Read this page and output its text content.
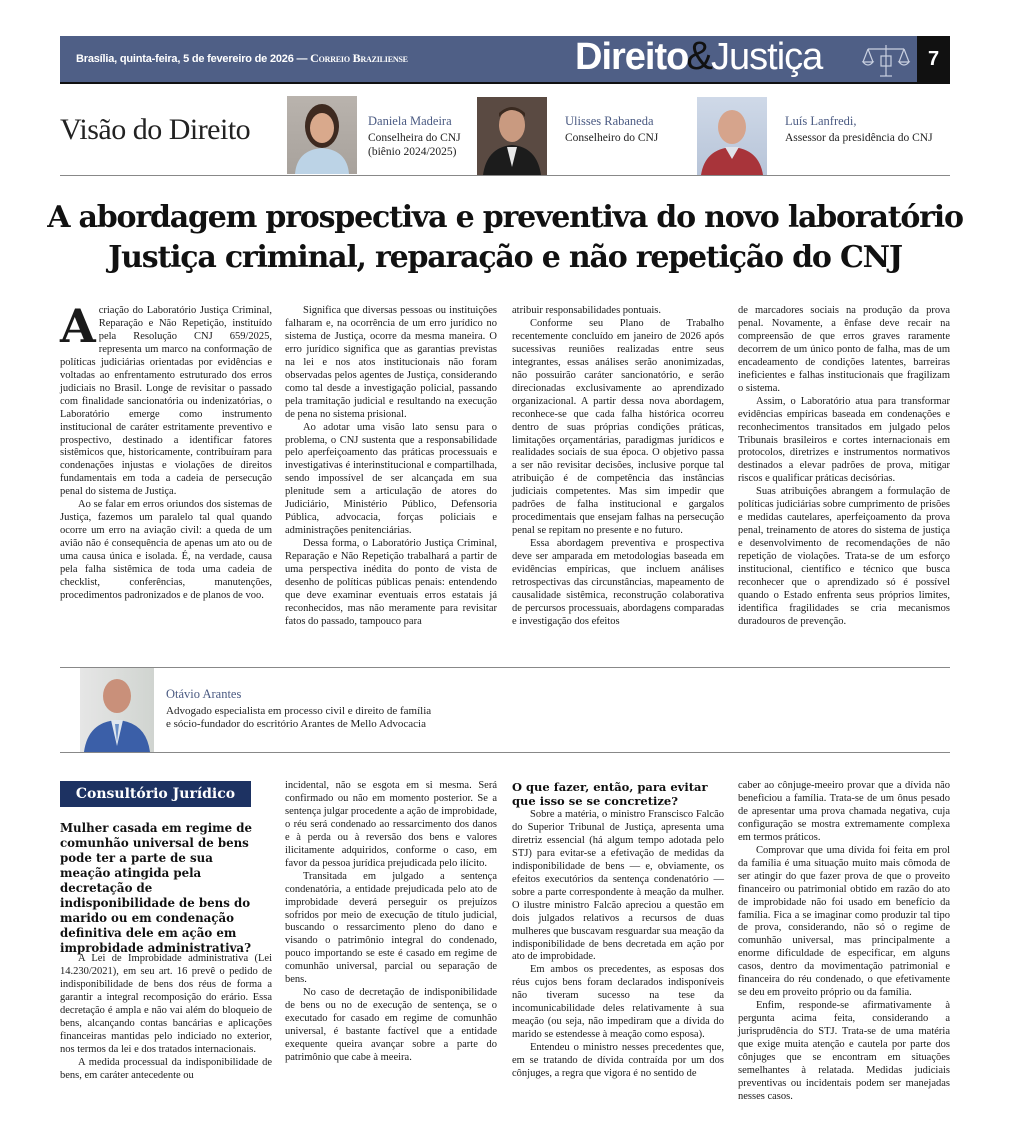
Brasília, quinta-feira, 5 de fevereiro de 2026 — Correio Braziliense	Direito&Justiça	7
Visão do Direito	Daniela Madeira
Conselheira do CNJ
(biênio 2024/2025)
Ulisses Rabaneda
Conselheiro do CNJ
Luís Lanfredi,
Assessor da presidência do CNJ
A abordagem prospectiva e preventiva do novo laboratório
Justiça criminal, reparação e não repetição do CNJ

A criação do Laboratório Justiça Criminal, Reparação e Não Repetição, instituído pela Resolução CNJ 659/2025, representa um marco na conformação de políticas judiciárias orientadas por evidências e voltadas ao enfrentamento estruturado dos erros judiciais no Brasil. Longe de revisitar o passado com finalidade sancionatória ou indenizatórias, o Laboratório emerge como instrumento institucional de caráter estritamente preventivo e prospectivo, destinado a identificar fatores sistêmicos que, historicamente, contribuíram para condenações injustas e violações de direitos fundamentais em toda a cadeia de persecução penal do sistema de Justiça.

Ao se falar em erros oriundos dos sistemas de Justiça, fazemos um paralelo tal qual quando ocorre um erro na aviação civil: a queda de um avião não é consequência de apenas um ato ou de uma causa única e isolada. É, na verdade, causa pela falha sistêmica de toda uma cadeia de checklist, conferências, manutenções, procedimentos padronizados e de planos de voo.

Significa que diversas pessoas ou instituições falharam e, na ocorrência de um erro jurídico no sistema de Justiça, ocorre da mesma maneira. O erro jurídico significa que as garantias previstas na lei e nos atos institucionais não foram observadas pelos agentes de Justiça, considerando como tal desde a investigação policial, passando pela tramitação judicial e resultando na execução de pena no sistema prisional.

Ao adotar uma visão lato sensu para o problema, o CNJ sustenta que a responsabilidade pelo aperfeiçoamento das práticas processuais e investigativas é interinstitucional e compartilhada, sendo impossível de ser alcançada em sua plenitude sem a articulação de atores do Judiciário, Ministério Público, Defensoria Pública, advocacia, forças policiais e administrações penitenciárias.

Dessa forma, o Laboratório Justiça Criminal, Reparação e Não Repetição trabalhará a partir de uma perspectiva inédita do ponto de vista de desenho de políticas públicas penais: entendendo que deve examinar eventuais erros estatais já reconhecidos, mas não meramente para revisitar fatos do passado, tampouco para

atribuir responsabilidades pontuais.

Conforme seu Plano de Trabalho recentemente concluído em janeiro de 2026 após sucessivas reuniões realizadas entre seus integrantes, essas análises serão anonimizadas, não possuirão caráter sancionatório, e serão direcionadas exclusivamente ao aprendizado organizacional. A partir dessa nova abordagem, reconhece-se que cada falha histórica ocorreu dentro de suas próprias condições práticas, limitações orçamentárias, paradigmas jurídicos e realidades sociais de sua época. O objetivo passa a ser não revisitar decisões, inclusive porque tal atribuição é de competência das instâncias judiciais competentes. Mas sim impedir que padrões de falha institucional e gargalos procedimentais que ensejam falhas na persecução penal se repitam no presente e no futuro.

Essa abordagem preventiva e prospectiva deve ser amparada em metodologias baseada em evidências empíricas, que incluem análises retrospectivas das circunstâncias, mapeamento de causalidade sistêmica, reconstrução colaborativa de percursos processuais, abordagens comparadas e investigação dos efeitos

de marcadores sociais na produção da prova penal. Novamente, a ênfase deve recair na compreensão de que erros graves raramente decorrem de um único ponto de falha, mas de um encadeamento de condições latentes, barreiras ineficientes e falhas institucionais que fragilizam o sistema.

Assim, o Laboratório atua para transformar evidências empíricas baseada em condenações e reconhecimentos transitados em julgado pelos Tribunais brasileiros e cortes internacionais em protocolos, diretrizes e instrumentos normativos destinados a elevar padrões de prova, mitigar riscos e qualificar práticas decisórias.

Suas atribuições abrangem a formulação de políticas judiciárias sobre cumprimento de prisões e medidas cautelares, aperfeiçoamento da prova penal, treinamento de atores do sistema de justiça e desenvolvimento de recomendações de não repetição de violações. Trata-se de um esforço institucional, científico e técnico que busca reconhecer que o aprendizado só é possível quando o Estado enfrenta seus próprios limites, identifica fragilidades se cria mecanismos duradouros de prevenção.

Otávio Arantes
Advogado especialista em processo civil e direito de família
e sócio-fundador do escritório Arantes de Mello Advocacia
Consultório Jurídico
Mulher casada em regime de comunhão universal de bens pode ter a parte de sua meação atingida pela decretação de indisponibilidade de bens do marido ou em condenação definitiva dele em ação em improbidade administrativa?

A Lei de Improbidade administrativa (Lei 14.230/2021), em seu art. 16 prevê o pedido de indisponibilidade de bens dos réus de forma a garantir a integral recomposição do erário. Essa decretação é ampla e não vai além do bloqueio de bens, alcançando contas bancárias e aplicações financeiras mantidas pelo indiciado no exterior, nos termos da lei e dos tratados internacionais.

A medida processual da indisponibilidade de bens, em caráter antecedente ou

incidental, não se esgota em si mesma. Será confirmado ou não em momento posterior. Se a sentença julgar procedente a ação de improbidade, o réu será condenado ao ressarcimento dos danos e à perda ou à reversão dos bens e valores ilicitamente adquiridos, conforme o caso, em favor da pessoa jurídica prejudicada pelo ilícito.

Transitada em julgado a sentença condenatória, a entidade prejudicada pelo ato de improbidade deverá perseguir os prejuízos sofridos por meio de execução de título judicial, buscando o ressarcimento pleno do dano e visando o patrimônio integral do condenado, pouco importando se este é casado em regime de comunhão universal, parcial ou separação de bens.

No caso de decretação de indisponibilidade de bens ou no de execução de sentença, se o executado for casado em regime de comunhão universal, é bastante factível que a entidade exequente queira avançar sobre a parte do patrimônio que cabe à meeira.

O que fazer, então, para evitar que isso se se concretize?

Sobre a matéria, o ministro Franscisco Falcão do Superior Tribunal de Justiça, apresenta uma diretriz essencial (há algum tempo adotada pelo STJ) para evitar-se a efetivação de medidas da indisponibilidade de bens — e, obviamente, os efeitos executórios da sentença condenatório — sobre a parte correspondente à meação da mulher. O ilustre ministro Falcão apreciou a questão em dois julgados relativos a recursos de duas mulheres que buscavam resguardar sua meação da indisponibilidade de bens decretada em ação por ato de improbidade.

Em ambos os precedentes, as esposas dos réus cujos bens foram declarados indisponíveis não tiveram sucesso na tese da incomunicabilidade deles relativamente à sua meação (ou seja, não impediram que a dívida do marido se estendesse à meação como esposa).

Entendeu o ministro nesses precedentes que, em se tratando de dívida contraída por um dos cônjuges, a regra que vigora é no sentido de

caber ao cônjuge-meeiro provar que a dívida não beneficiou a família. Trata-se de um ônus pesado de apresentar uma prova chamada negativa, cuja configuração se mostra extremamente complexa em termos práticos.

Comprovar que uma dívida foi feita em prol da família é uma situação muito mais cômoda de ser atingir do que fazer prova de que o proveito financeiro ou patrimonial obtido em razão do ato de improbidade não foi usado em benefício da família. Fica a se imaginar como produzir tal tipo de prova, considerando, não só o regime de comunhão universal, mas principalmente a enorme dificuldade de especificar, em alguns casos, dentro da movimentação patrimonial e financeira do réu condenado, o que efetivamente se deu em proveito próprio ou da família.

Enfim, responde-se afirmativamente à pergunta acima feita, considerando a jurisprudência do STJ. Trata-se de uma matéria que exige muita atenção e cautela por parte dos cônjuges que se encontram em situações semelhantes à relatada. Medidas judiciais preventivas ou incidentais podem ser manejadas nesses casos.
